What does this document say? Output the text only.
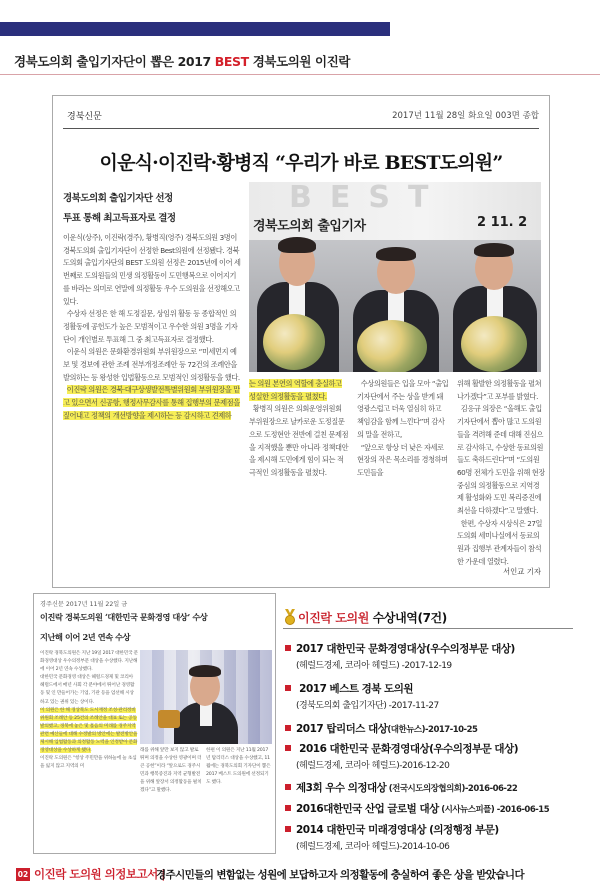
경북도의회 출입기자단이 뽑은 2017 BEST 경북도의원 이진락
경북신문	2017년 11월 28일 화요일 003면 종합
이운식·이진락·황병직 “우리가 바로 BEST도의원”
경북도의회 출입기자단 선정
투표 통해 최고득표자로 결정

이운식(상주), 이진락(경주), 황병직(영주) 경북도의원 3명이 경북도의회 출입기자단이 선정한 Best의원에 선정됐다. 경북도의회 출입기자단의 BEST 도의원 선정은 2015년에 이어 세번째로 도의원들의 민생 의정활동이 도민행복으로 이어지기를 바라는 의미로 연말에 의정활동 우수 도의원을 선정해오고 있다.

수상자 선정은 한 해 도정질문, 상임위 활동 등 종합적인 의정활동에 공헌도가 높은 모범적이고 우수한 의원 3명을 기자단이 개인별로 투표해 그 중 최고득표자로 결정했다.

이운식 의원은 문화환경위원회 부위원장으로 “미세먼지 예보 및 경보에 관한 조례 전부개정조례안 등 72건의 조례안을 발의하는 등 왕성한 입법활동으로 모범적인 의정활동을 했다.

이진락 의원은 경북·대구상생발전특별위원회 부위원장을 맡고 있으면서 신공항, 행정사무감사를 통해 집행부의 문제점을 짚어내고 정책의 개선방향을 제시하는 등 감시하고 견제하

BEST
경북도의회 출입기자	2 11. 2

는 의원 본연의 역할에 충실하고 성실한 의정활동을 펼쳤다.

황병직 의원은 의회운영위원회 부위원장으로 날카로운 도정질문으로 도정현안 전반에 걸친 문제점을 지적했을 뿐만 아니라 정책대안을 제시해 도민에게 힘이 되는 적극적인 의정활동을 펼쳤다.

수상의원들은 입을 모아 “출입기자단에서 주는 상을 받게 돼 영광스럽고 더욱 열심히 하고 책임감을 함께 느낀다”며 감사의 말을 전하고,

“앞으로 항상 더 낮은 자세로 현장의 작은 목소리를 경청하며 도민들을

위해 활발한 의정활동을 펼쳐 나가겠다”고 포부를 밝혔다.

김응규 의장은 “올해도 출입기자단에서 뽑아 많고 도의원들을 격려해 준데 대해 진심으로 감사하고, 수상한 동료의원들도 축하드린다”며 “도의원 60명 전체가 도민을 위해 현장 중심의 의정활동으로 지역경제 활성화와 도민 복리증진에 최선을 다하겠다”고 말했다.

한편, 수상자 시상식은 27일 도의회 세미나실에서 동료의원과 집행부 관계자들이 참석한 가운데 열렸다.

서인교 기자
경주신문 2017년 11월 22일 금
이진락 경북도의원 ‘대한민국 문화경영 대상’ 수상
지난해 이어 2년 연속 수상

이진락 경북도의원은 지난 19일 2017 대한민국 문화경영대상 우수의정부문 대상을 수상했다. 지난해에 이어 2년 연속 수상했다.

대한민국 문화경영 대상은 헤럴드경제 및 코리아 헤럴드에서 매년 사회 각 분야에서 뛰어난 경영활동 및 인 만들어가는 기업, 기관 등을 엄선해 시상하고 있는 권위 있는 상이다.

이 의원은 한 해 경상북도 도시재정 조성·관리정비위원회 조례안 등 25건의 조례안을 대표 또는 공동발의했고, 경북에 놓은 및 흘음의 미래를 경주지역 관련 예산들에 대해 수정발의 방안에는 발전방안을 제시해 입법활동과 의정활동 노력을 인정받아 문화경영대상을 수상하게 됐다.

이진락 도의원은 “항상 주민만을 위하늘에 늘 초심을 잃지 않고 지역의 미

래를 위해 앞만 보지 않고 발로뛰며 의정을 수상한 영광이며 더 큰 공헌”이라 “앞으로도 경주시민과 행복증진과 지역 균형발전을 위해 앞장서 의정활동을 펼치겠다”고 말했다.
한편 이 의원은 지난 11월 2017년 탑리더스 대상을 수상했고, 11월에는 경북도의회 기자단이 뽑은 2017 베스트 도의원에 선정되기도 했다.
이진락 도의원 수상내역(7건)
2017 대한민국 문화경영대상(우수의정부문 대상)
(헤럴드경제, 코리아 헤럴드) -2017-12-19
2017 베스트 경북 도의원
(경북도의회 출입기자단) -2017-11-27
2017 탑리더스 대상(대한뉴스)-2017-10-25
2016 대한민국 문화경영대상(우수의정부문 대상)
(헤럴드경제, 코리아 헤럴드)-2016-12-20
제3회 우수 의정대상 (전국시도의장협의회)-2016-06-22
2016대한민국 산업 글로벌 대상 (시사뉴스피플) -2016-06-15
2014 대한민국 미래경영대상 (의정행정 부문)
(헤럴드경제, 코리아 헤럴드)-2014-10-06
02 이진락 도의원 의정보고서 |
경주시민들의 변함없는 성원에 보답하고자 의정활동에 충실하여 좋은 상을 받았습니다
